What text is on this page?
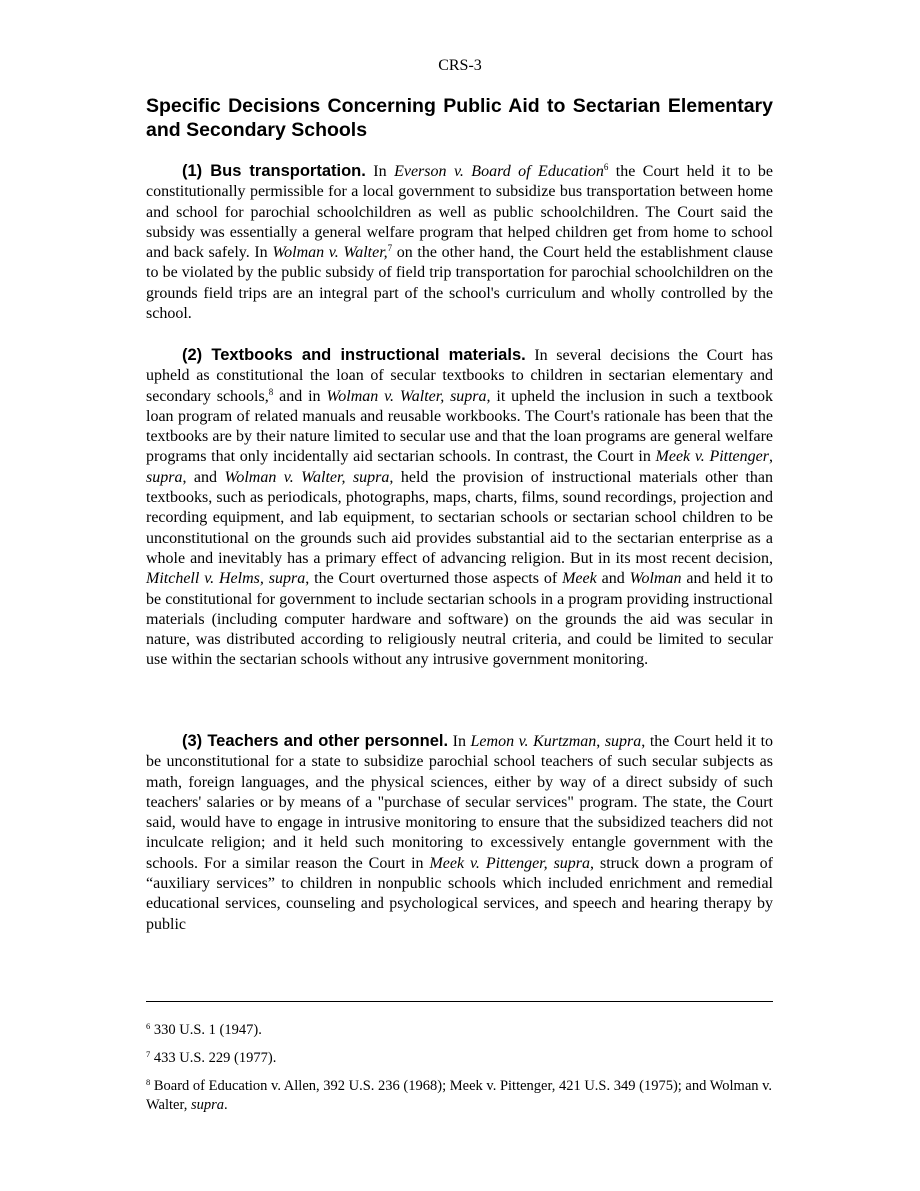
CRS-3
Specific Decisions Concerning Public Aid to Sectarian Elementary and Secondary Schools

(1) Bus transportation. In Everson v. Board of Education$^6$ the Court held it to be constitutionally permissible for a local government to subsidize bus transportation between home and school for parochial schoolchildren as well as public schoolchildren. The Court said the subsidy was essentially a general welfare program that helped children get from home to school and back safely. In Wolman v. Walter,$^7$ on the other hand, the Court held the establishment clause to be violated by the public subsidy of field trip transportation for parochial schoolchildren on the grounds field trips are an integral part of the school's curriculum and wholly controlled by the school.

(2) Textbooks and instructional materials. In several decisions the Court has upheld as constitutional the loan of secular textbooks to children in sectarian elementary and secondary schools,$^8$ and in Wolman v. Walter, supra, it upheld the inclusion in such a textbook loan program of related manuals and reusable workbooks. The Court's rationale has been that the textbooks are by their nature limited to secular use and that the loan programs are general welfare programs that only incidentally aid sectarian schools. In contrast, the Court in Meek v. Pittenger, supra, and Wolman v. Walter, supra, held the provision of instructional materials other than textbooks, such as periodicals, photographs, maps, charts, films, sound recordings, projection and recording equipment, and lab equipment, to sectarian schools or sectarian school children to be unconstitutional on the grounds such aid provides substantial aid to the sectarian enterprise as a whole and inevitably has a primary effect of advancing religion. But in its most recent decision, Mitchell v. Helms, supra, the Court overturned those aspects of Meek and Wolman and held it to be constitutional for government to include sectarian schools in a program providing instructional materials (including computer hardware and software) on the grounds the aid was secular in nature, was distributed according to religiously neutral criteria, and could be limited to secular use within the sectarian schools without any intrusive government monitoring.

(3) Teachers and other personnel. In Lemon v. Kurtzman, supra, the Court held it to be unconstitutional for a state to subsidize parochial school teachers of such secular subjects as math, foreign languages, and the physical sciences, either by way of a direct subsidy of such teachers' salaries or by means of a "purchase of secular services" program. The state, the Court said, would have to engage in intrusive monitoring to ensure that the subsidized teachers did not inculcate religion; and it held such monitoring to excessively entangle government with the schools. For a similar reason the Court in Meek v. Pittenger, supra, struck down a program of “auxiliary services” to children in nonpublic schools which included enrichment and remedial educational services, counseling and psychological services, and speech and hearing therapy by public

$^6$ 330 U.S. 1 (1947).

$^7$ 433 U.S. 229 (1977).

$^8$ Board of Education v. Allen, 392 U.S. 236 (1968); Meek v. Pittenger, 421 U.S. 349 (1975); and Wolman v. Walter, supra.
